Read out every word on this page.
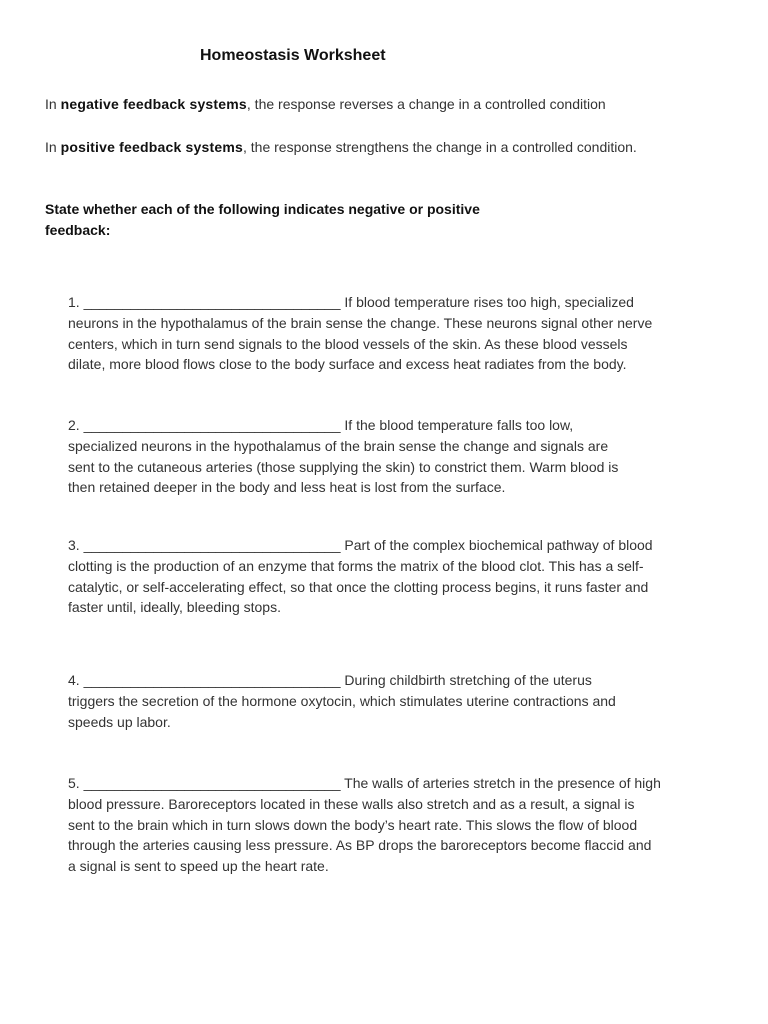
Homeostasis Worksheet
In negative feedback systems, the response reverses a change in a controlled condition
In positive feedback systems, the response strengthens the change in a controlled condition.
State whether each of the following indicates negative or positive
feedback:
1. _________________________________ If blood temperature rises too high, specialized
neurons in the hypothalamus of the brain sense the change. These neurons signal other nerve
centers, which in turn send signals to the blood vessels of the skin. As these blood vessels
dilate, more blood flows close to the body surface and excess heat radiates from the body.
2. _________________________________ If the blood temperature falls too low,
specialized neurons in the hypothalamus of the brain sense the change and signals are
sent to the cutaneous arteries (those supplying the skin) to constrict them. Warm blood is
then retained deeper in the body and less heat is lost from the surface.
3. _________________________________ Part of the complex biochemical pathway of blood
clotting is the production of an enzyme that forms the matrix of the blood clot. This has a self-
catalytic, or self-accelerating effect, so that once the clotting process begins, it runs faster and
faster until, ideally, bleeding stops.
4. _________________________________ During childbirth stretching of the uterus
triggers the secretion of the hormone oxytocin, which stimulates uterine contractions and
speeds up labor.
5. _________________________________ The walls of arteries stretch in the presence of high
blood pressure. Baroreceptors located in these walls also stretch and as a result, a signal is
sent to the brain which in turn slows down the body’s heart rate. This slows the flow of blood
through the arteries causing less pressure. As BP drops the baroreceptors become flaccid and
a signal is sent to speed up the heart rate.
